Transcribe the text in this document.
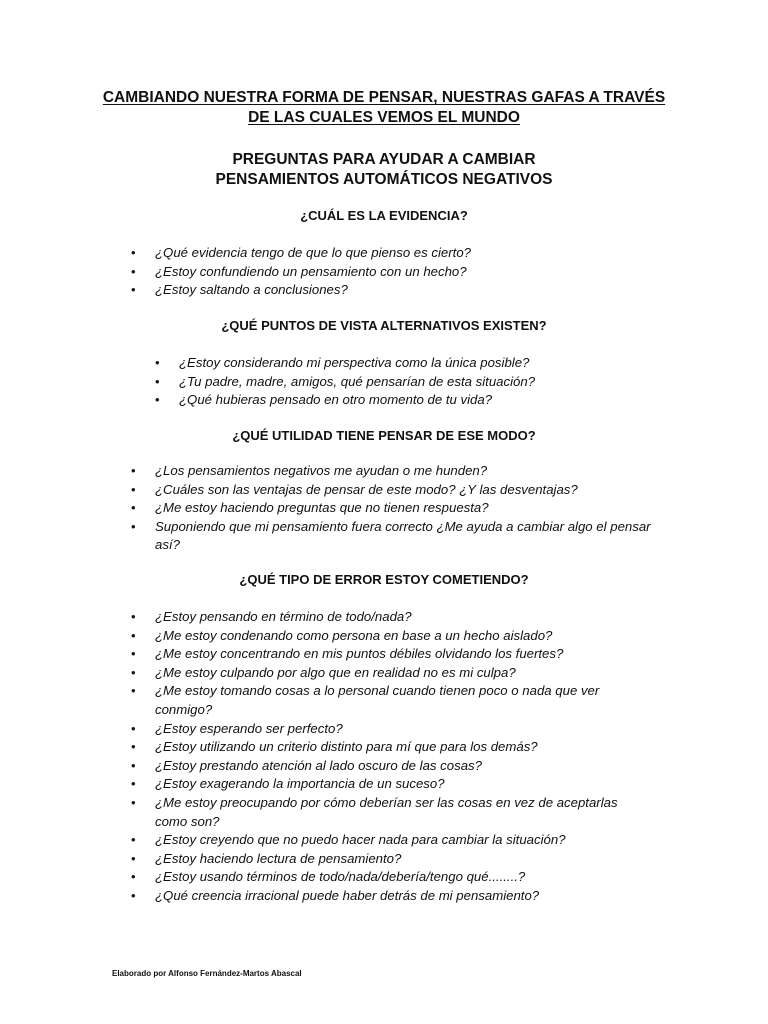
CAMBIANDO NUESTRA FORMA DE PENSAR, NUESTRAS GAFAS A TRAVÉS
DE LAS CUALES VEMOS EL MUNDO
PREGUNTAS PARA AYUDAR A CAMBIAR
PENSAMIENTOS AUTOMÁTICOS NEGATIVOS
¿CUÁL ES LA EVIDENCIA?
• ¿Qué evidencia tengo de que lo que pienso es cierto?
• ¿Estoy confundiendo un pensamiento con un hecho?
• ¿Estoy saltando a conclusiones?
¿QUÉ PUNTOS DE VISTA ALTERNATIVOS EXISTEN?
• ¿Estoy considerando mi perspectiva como la única posible?
• ¿Tu padre, madre, amigos, qué pensarían de esta situación?
• ¿Qué hubieras pensado en otro momento de tu vida?
¿QUÉ UTILIDAD TIENE PENSAR DE ESE MODO?
• ¿Los pensamientos negativos me ayudan o me hunden?
• ¿Cuáles son las ventajas de pensar de este modo? ¿Y las desventajas?
• ¿Me estoy haciendo preguntas que no tienen respuesta?
• Suponiendo que mi pensamiento fuera correcto ¿Me ayuda a cambiar algo el pensar así?
¿QUÉ TIPO DE ERROR ESTOY COMETIENDO?
• ¿Estoy pensando en término de todo/nada?
• ¿Me estoy condenando como persona en base a un hecho aislado?
• ¿Me estoy concentrando en mis puntos débiles olvidando los fuertes?
• ¿Me estoy culpando por algo que en realidad no es mi culpa?
• ¿Me estoy tomando cosas a lo personal cuando tienen poco o nada que ver conmigo?
• ¿Estoy esperando ser perfecto?
• ¿Estoy utilizando un criterio distinto para mí que para los demás?
• ¿Estoy prestando atención al lado oscuro de las cosas?
• ¿Estoy exagerando la importancia de un suceso?
• ¿Me estoy preocupando por cómo deberían ser las cosas en vez de aceptarlas como son?
• ¿Estoy creyendo que no puedo hacer nada para cambiar la situación?
• ¿Estoy haciendo lectura de pensamiento?
• ¿Estoy usando términos de todo/nada/debería/tengo qué........?
• ¿Qué creencia irracional puede haber detrás de mi pensamiento?
Elaborado por Alfonso Fernández-Martos Abascal
